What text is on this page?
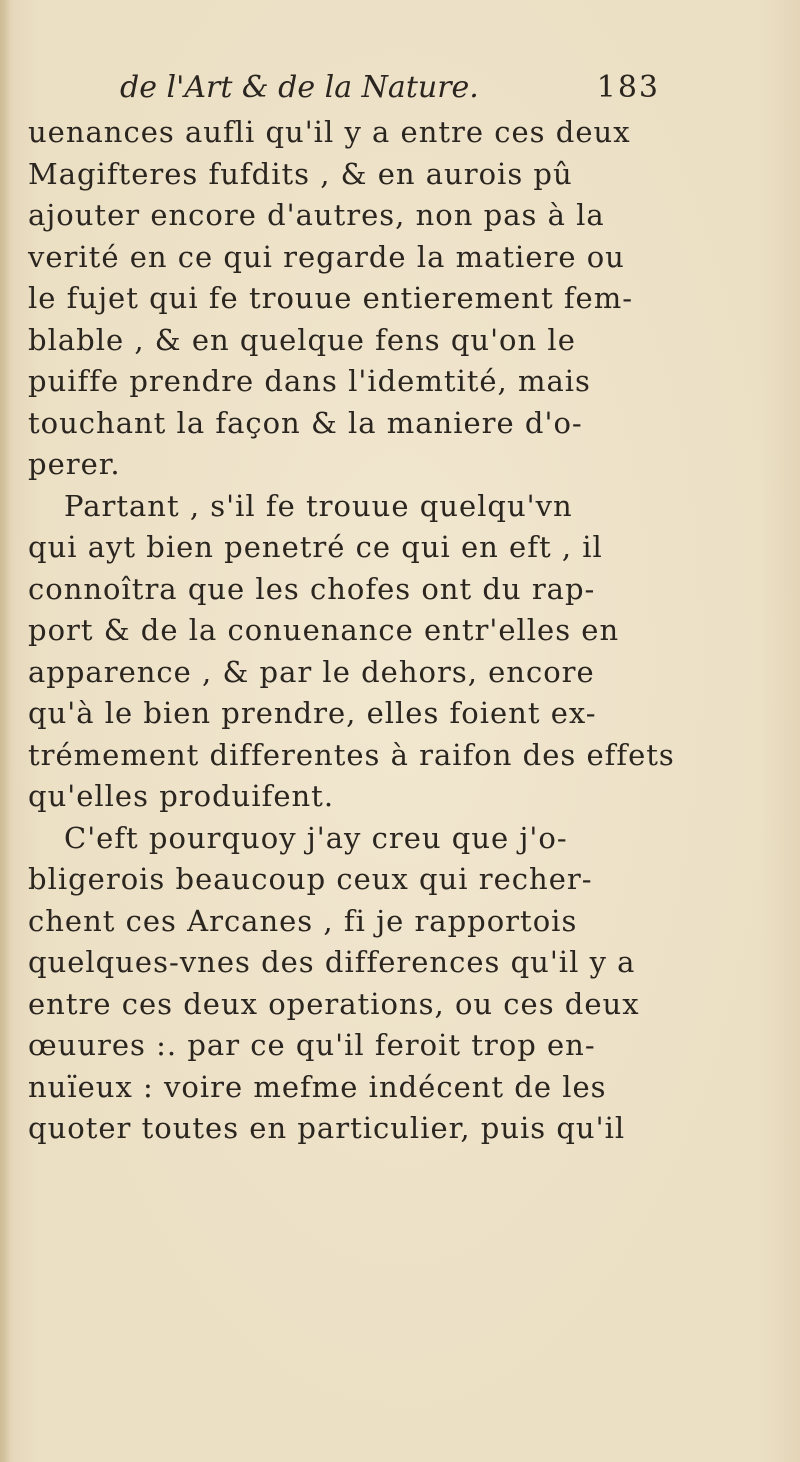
de l'Art & de la Nature.	183
uenances aufli qu'il y a entre ces deux
Magifteres fufdits , & en aurois pû
ajouter encore d'autres, non pas à la
verité en ce qui regarde la matiere ou
le fujet qui fe trouue entierement fem-
blable , & en quelque fens qu'on le
puiffe prendre dans l'idemtité, mais
touchant la façon & la maniere d'o-
perer.
Partant , s'il fe trouue quelqu'vn
qui ayt bien penetré ce qui en eft , il
connoîtra que les chofes ont du rap-
port & de la conuenance entr'elles en
apparence , & par le dehors, encore
qu'à le bien prendre, elles foient ex-
trémement differentes à raifon des effets
qu'elles produifent.
C'eft pourquoy j'ay creu que j'o-
bligerois beaucoup ceux qui recher-
chent ces Arcanes , fi je rapportois
quelques-vnes des differences qu'il y a
entre ces deux operations, ou ces deux
œuures :. par ce qu'il feroit trop en-
nuïeux : voire mefme indécent de les
quoter toutes en particulier, puis qu'il
